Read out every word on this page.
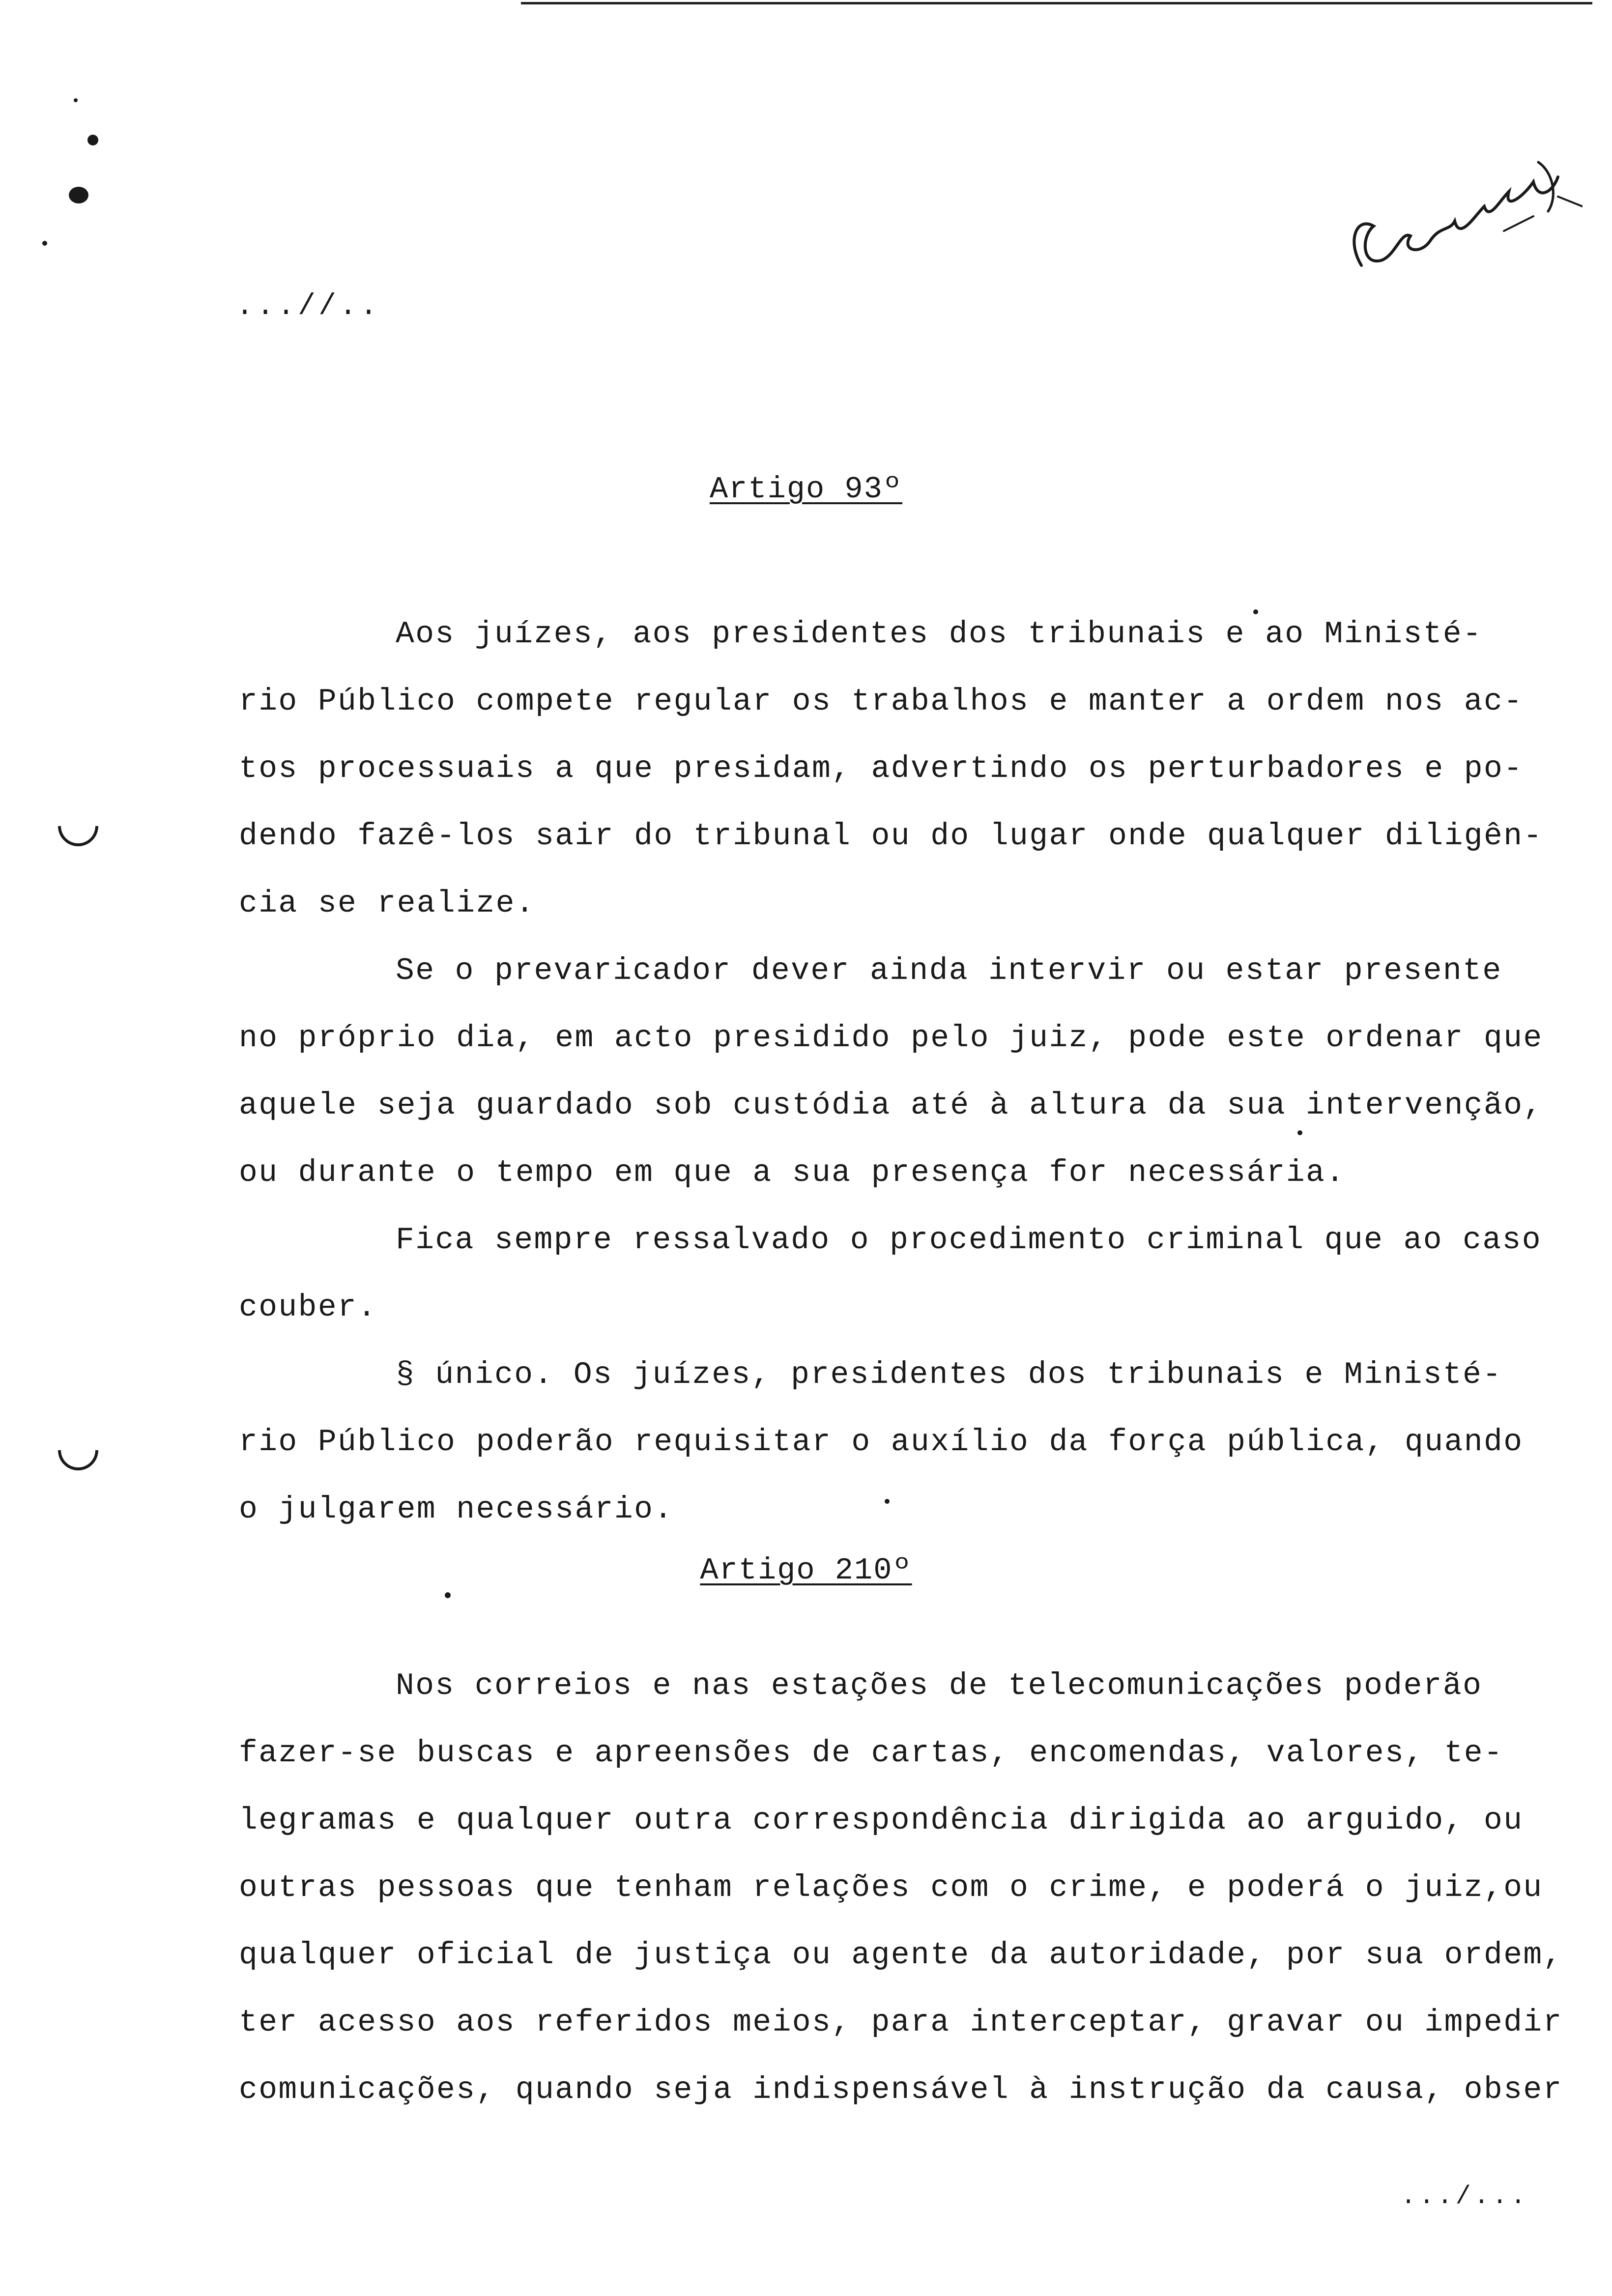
...//..
Artigo 93º
Aos juízes, aos presidentes dos tribunais e ao Ministé-
rio Público compete regular os trabalhos e manter a ordem nos ac-
tos processuais a que presidam, advertindo os perturbadores e po-
dendo fazê-los sair do tribunal ou do lugar onde qualquer diligên-
cia se realize.
Se o prevaricador dever ainda intervir ou estar presente
no próprio dia, em acto presidido pelo juiz, pode este ordenar que
aquele seja guardado sob custódia até à altura da sua intervenção,
ou durante o tempo em que a sua presença for necessária.
Fica sempre ressalvado o procedimento criminal que ao caso
couber.
§ único. Os juízes, presidentes dos tribunais e Ministé-
rio Público poderão requisitar o auxílio da força pública, quando
o julgarem necessário.
Artigo 210º
Nos correios e nas estações de telecomunicações poderão
fazer-se buscas e apreensões de cartas, encomendas, valores, te-
legramas e qualquer outra correspondência dirigida ao arguido, ou
outras pessoas que tenham relações com o crime, e poderá o juiz,ou
qualquer oficial de justiça ou agente da autoridade, por sua ordem,
ter acesso aos referidos meios, para interceptar, gravar ou impedir
comunicações, quando seja indispensável à instrução da causa, obser
.../...
